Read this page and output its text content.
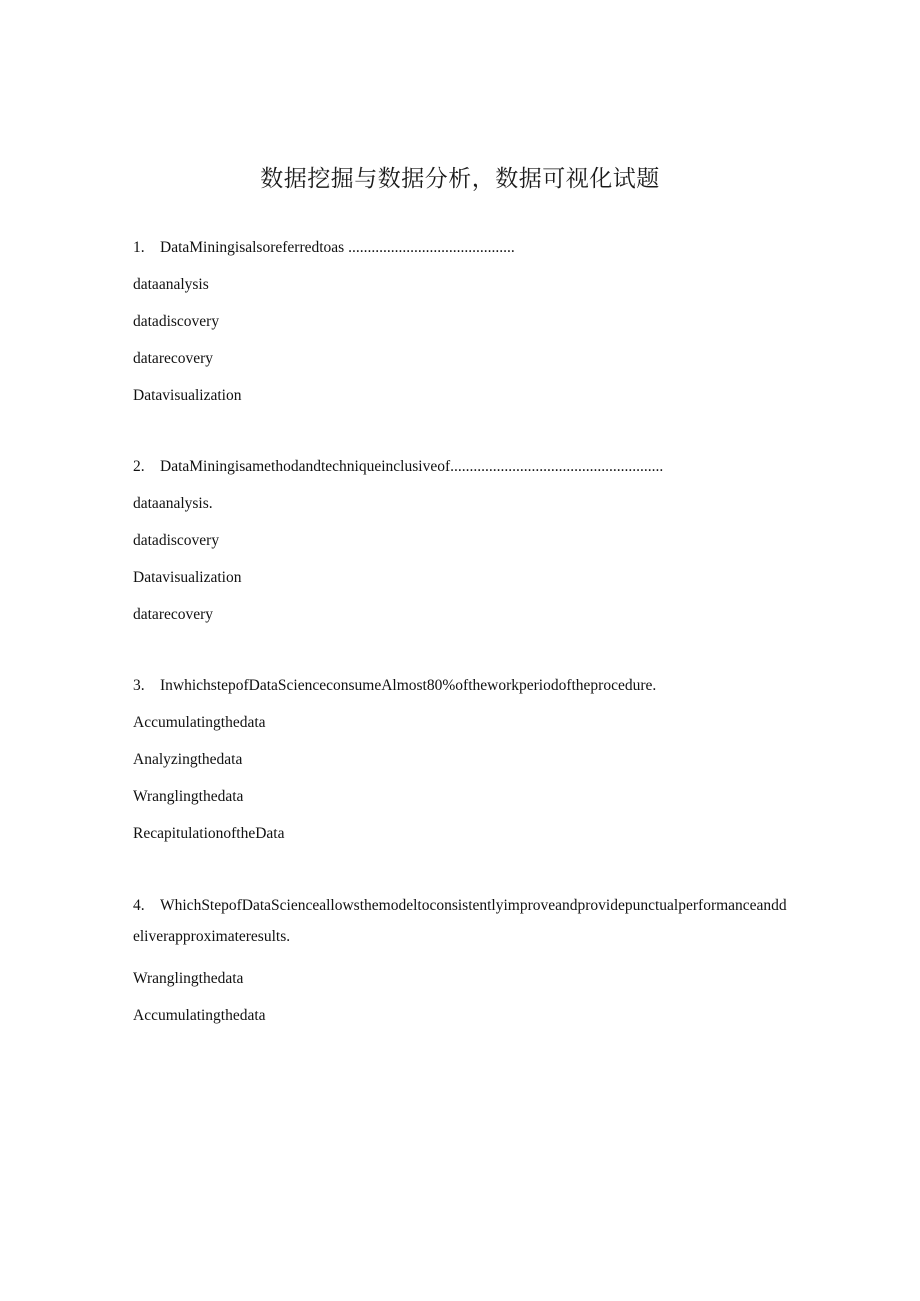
数据挖掘与数据分析，数据可视化试题

1. DataMiningisalsoreferredtoas ...........................................

dataanalysis

datadiscovery

datarecovery

Datavisualization

2. DataMiningisamethodandtechniqueinclusiveof.......................................................

dataanalysis.

datadiscovery

Datavisualization

datarecovery

3. InwhichstepofDataScienceconsumeAlmost80%oftheworkperiodoftheprocedure.

Accumulatingthedata

Analyzingthedata

Wranglingthedata

RecapitulationoftheData

4. WhichStepofDataScienceallowsthemodeltoconsistentlyimproveandprovidepunctualperformanceanddeliverapproximateresults.

Wranglingthedata

Accumulatingthedata
